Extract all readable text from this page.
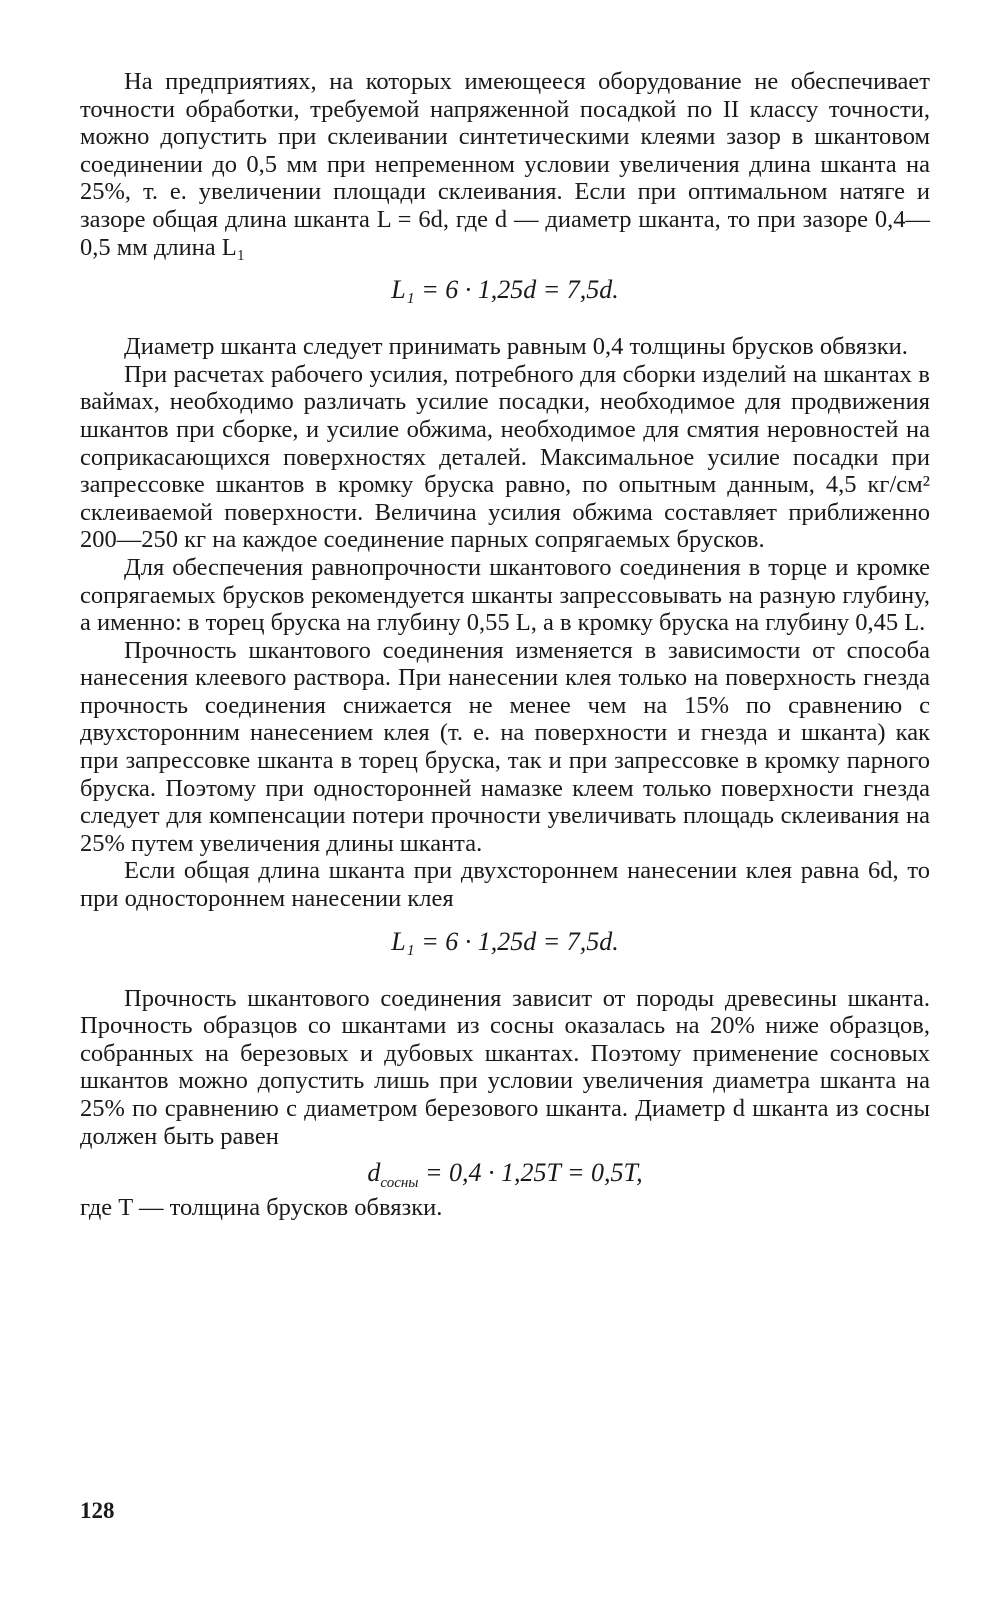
На предприятиях, на которых имеющееся оборудование не обеспечивает точности обработки, требуемой напряженной посадкой по II классу точности, можно допустить при склеивании синтетическими клеями зазор в шкантовом соединении до 0,5 мм при непременном условии увеличения длина шканта на 25%, т. е. увеличении площади склеивания. Если при оптимальном натяге и зазоре общая длина шканта L = 6d, где d — диаметр шканта, то при зазоре 0,4—0,5 мм длина L₁

L₁ = 6 · 1,25d = 7,5d.

Диаметр шканта следует принимать равным 0,4 толщины брусков обвязки.

При расчетах рабочего усилия, потребного для сборки изделий на шкантах в ваймах, необходимо различать усилие посадки, необходимое для продвижения шкантов при сборке, и усилие обжима, необходимое для смятия неровностей на соприкасающихся поверхностях деталей. Максимальное усилие посадки при запрессовке шкантов в кромку бруска равно, по опытным данным, 4,5 кг/см² склеиваемой поверхности. Величина усилия обжима составляет приближенно 200—250 кг на каждое соединение парных сопрягаемых брусков.

Для обеспечения равнопрочности шкантового соединения в торце и кромке сопрягаемых брусков рекомендуется шканты запрессовывать на разную глубину, а именно: в торец бруска на глубину 0,55 L, а в кромку бруска на глубину 0,45 L.

Прочность шкантового соединения изменяется в зависимости от способа нанесения клеевого раствора. При нанесении клея только на поверхность гнезда прочность соединения снижается не менее чем на 15% по сравнению с двухсторонним нанесением клея (т. е. на поверхности и гнезда и шканта) как при запрессовке шканта в торец бруска, так и при запрессовке в кромку парного бруска. Поэтому при односторонней намазке клеем только поверхности гнезда следует для компенсации потери прочности увеличивать площадь склеивания на 25% путем увеличения длины шканта.

Если общая длина шканта при двухстороннем нанесении клея равна 6d, то при одностороннем нанесении клея

L₁ = 6 · 1,25d = 7,5d.

Прочность шкантового соединения зависит от породы древесины шканта. Прочность образцов со шкантами из сосны оказалась на 20% ниже образцов, собранных на березовых и дубовых шкантах. Поэтому применение сосновых шкантов можно допустить лишь при условии увеличения диаметра шканта на 25% по сравнению с диаметром березового шканта. Диаметр d шканта из сосны должен быть равен

$d_{сосны} = 0,4 \cdot 1,25T = 0,5T$,

где T — толщина брусков обвязки.

128
